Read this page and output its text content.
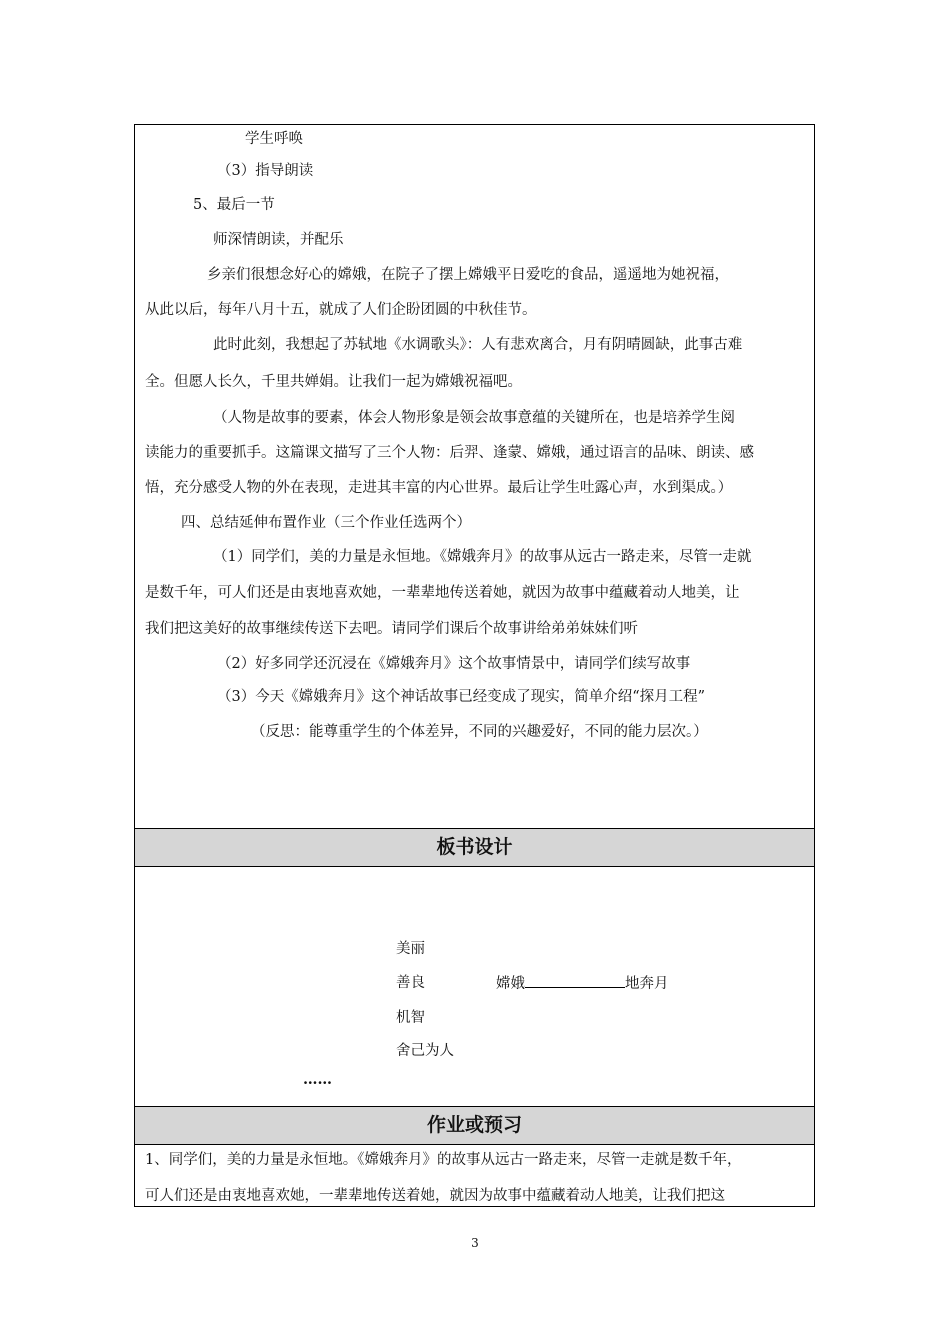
学生呼唤
（3）指导朗读
5、最后一节
师深情朗读，并配乐
乡亲们很想念好心的嫦娥，在院子了摆上嫦娥平日爱吃的食品，遥遥地为她祝福，
从此以后，每年八月十五，就成了人们企盼团圆的中秋佳节。
此时此刻，我想起了苏轼地《水调歌头》：人有悲欢离合，月有阴晴圆缺，此事古难
全。但愿人长久，千里共婵娟。让我们一起为嫦娥祝福吧。
（人物是故事的要素，体会人物形象是领会故事意蕴的关键所在，也是培养学生阅
读能力的重要抓手。这篇课文描写了三个人物：后羿、逢蒙、嫦娥，通过语言的品味、朗读、感
悟，充分感受人物的外在表现，走进其丰富的内心世界。最后让学生吐露心声，水到渠成。）
四、总结延伸布置作业（三个作业任选两个）
（1）同学们，美的力量是永恒地。《嫦娥奔月》的故事从远古一路走来，尽管一走就
是数千年，可人们还是由衷地喜欢她，一辈辈地传送着她，就因为故事中蕴藏着动人地美，让
我们把这美好的故事继续传送下去吧。请同学们课后个故事讲给弟弟妹妹们听
（2）好多同学还沉浸在《嫦娥奔月》这个故事情景中，请同学们续写故事
（3）今天《嫦娥奔月》这个神话故事已经变成了现实，简单介绍“探月工程”
（反思：能尊重学生的个体差异，不同的兴趣爱好，不同的能力层次。）
板书设计
美丽
善良	嫦娥	地奔月
机智
舍己为人
……
作业或预习
1、同学们，美的力量是永恒地。《嫦娥奔月》的故事从远古一路走来，尽管一走就是数千年，
可人们还是由衷地喜欢她，一辈辈地传送着她，就因为故事中蕴藏着动人地美，让我们把这
3
